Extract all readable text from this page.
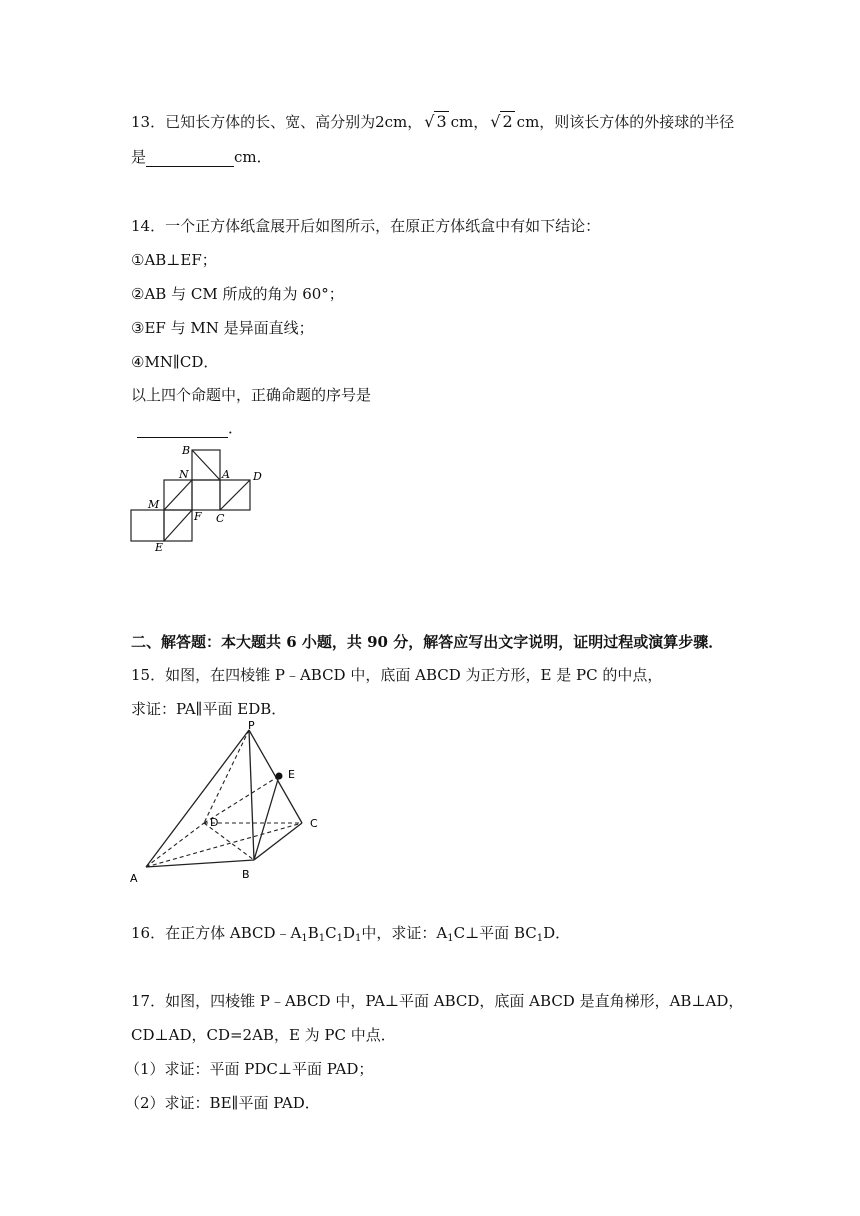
13．已知长方体的长、宽、高分别为2cm， √ 3 cm， √ 2 cm，则该长方体的外接球的半径
是	cm．
14．一个正方体纸盒展开后如图所示，在原正方体纸盒中有如下结论：
①AB⊥EF；
②AB 与 CM 所成的角为 60°；
③EF 与 MN 是异面直线；
④MN∥CD．
以上四个命题中，正确命题的序号是
．
B
N	A D
M
F C
E
二、解答题：本大题共 6 小题，共 90 分，解答应写出文字说明，证明过程或演算步骤．
15．如图，在四棱锥 P﹣ABCD 中，底面 ABCD 为正方形，E 是 PC 的中点，
求证：PA∥平面 EDB．
P
E
D	C
A	B
16．在正方体 $ABCD﹣A_1B_1C_1D_1$中，求证：$A_1C\perp$平面 $BC_1D$．
17．如图，四棱锥 P﹣ABCD 中，PA⊥平面 ABCD，底面 ABCD 是直角梯形，AB⊥AD，
CD⊥AD，CD=2AB，E 为 PC 中点．
（1）求证：平面 PDC⊥平面 PAD；
（2）求证：BE∥平面 PAD．
